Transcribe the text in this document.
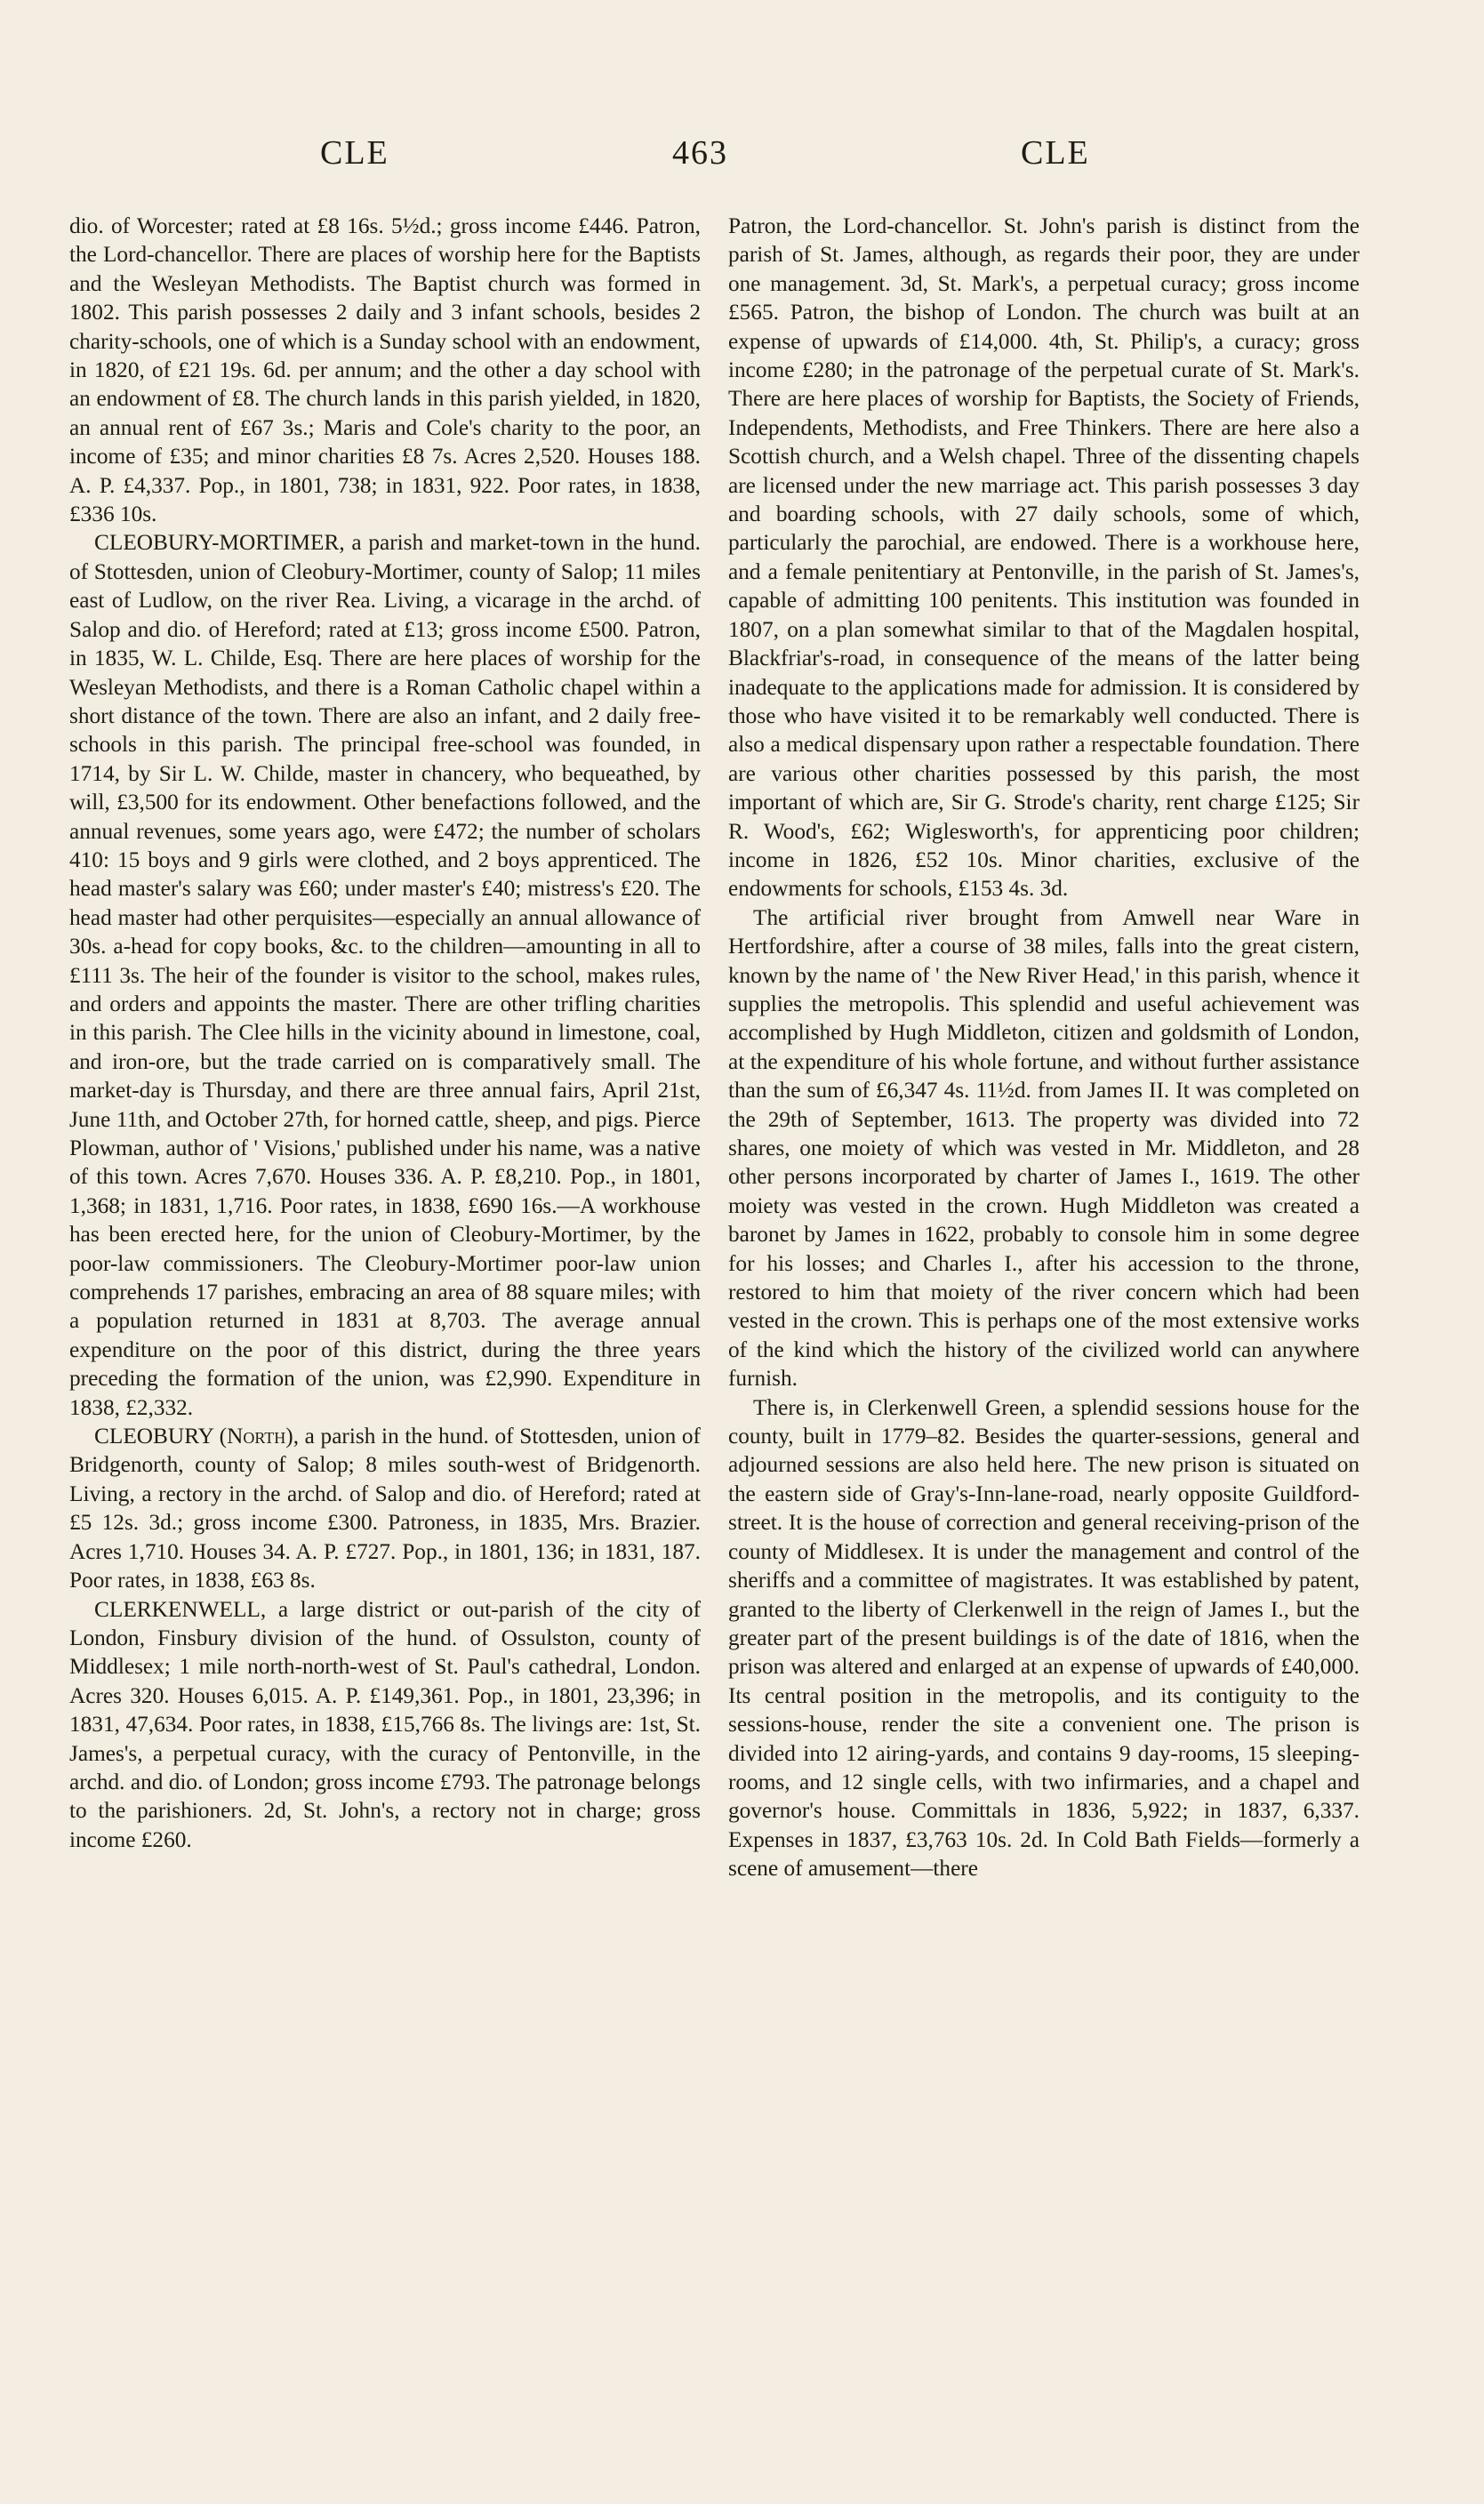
CLE	463	CLE

dio. of Worcester; rated at £8 16s. 5½d.; gross income £446. Patron, the Lord-chancellor. There are places of worship here for the Baptists and the Wesleyan Methodists. The Baptist church was formed in 1802. This parish possesses 2 daily and 3 infant schools, besides 2 charity-schools, one of which is a Sunday school with an endowment, in 1820, of £21 19s. 6d. per annum; and the other a day school with an endowment of £8. The church lands in this parish yielded, in 1820, an annual rent of £67 3s.; Maris and Cole's charity to the poor, an income of £35; and minor charities £8 7s. Acres 2,520. Houses 188. A. P. £4,337. Pop., in 1801, 738; in 1831, 922. Poor rates, in 1838, £336 10s.

CLEOBURY-MORTIMER, a parish and market-town in the hund. of Stottesden, union of Cleobury-Mortimer, county of Salop; 11 miles east of Ludlow, on the river Rea. Living, a vicarage in the archd. of Salop and dio. of Hereford; rated at £13; gross income £500. Patron, in 1835, W. L. Childe, Esq. There are here places of worship for the Wesleyan Methodists, and there is a Roman Catholic chapel within a short distance of the town. There are also an infant, and 2 daily free-schools in this parish. The principal free-school was founded, in 1714, by Sir L. W. Childe, master in chancery, who bequeathed, by will, £3,500 for its endowment. Other benefactions followed, and the annual revenues, some years ago, were £472; the number of scholars 410: 15 boys and 9 girls were clothed, and 2 boys apprenticed. The head master's salary was £60; under master's £40; mistress's £20. The head master had other perquisites—especially an annual allowance of 30s. a-head for copy books, &c. to the children—amounting in all to £111 3s. The heir of the founder is visitor to the school, makes rules, and orders and appoints the master. There are other trifling charities in this parish. The Clee hills in the vicinity abound in limestone, coal, and iron-ore, but the trade carried on is comparatively small. The market-day is Thursday, and there are three annual fairs, April 21st, June 11th, and October 27th, for horned cattle, sheep, and pigs. Pierce Plowman, author of ' Visions,' published under his name, was a native of this town. Acres 7,670. Houses 336. A. P. £8,210. Pop., in 1801, 1,368; in 1831, 1,716. Poor rates, in 1838, £690 16s.—A workhouse has been erected here, for the union of Cleobury-Mortimer, by the poor-law commissioners. The Cleobury-Mortimer poor-law union comprehends 17 parishes, embracing an area of 88 square miles; with a population returned in 1831 at 8,703. The average annual expenditure on the poor of this district, during the three years preceding the formation of the union, was £2,990. Expenditure in 1838, £2,332.

CLEOBURY (North), a parish in the hund. of Stottesden, union of Bridgenorth, county of Salop; 8 miles south-west of Bridgenorth. Living, a rectory in the archd. of Salop and dio. of Hereford; rated at £5 12s. 3d.; gross income £300. Patroness, in 1835, Mrs. Brazier. Acres 1,710. Houses 34. A. P. £727. Pop., in 1801, 136; in 1831, 187. Poor rates, in 1838, £63 8s.

CLERKENWELL, a large district or out-parish of the city of London, Finsbury division of the hund. of Ossulston, county of Middlesex; 1 mile north-north-west of St. Paul's cathedral, London. Acres 320. Houses 6,015. A. P. £149,361. Pop., in 1801, 23,396; in 1831, 47,634. Poor rates, in 1838, £15,766 8s. The livings are: 1st, St. James's, a perpetual curacy, with the curacy of Pentonville, in the archd. and dio. of London; gross income £793. The patronage belongs to the parishioners. 2d, St. John's, a rectory not in charge; gross income £260.

Patron, the Lord-chancellor. St. John's parish is distinct from the parish of St. James, although, as regards their poor, they are under one management. 3d, St. Mark's, a perpetual curacy; gross income £565. Patron, the bishop of London. The church was built at an expense of upwards of £14,000. 4th, St. Philip's, a curacy; gross income £280; in the patronage of the perpetual curate of St. Mark's. There are here places of worship for Baptists, the Society of Friends, Independents, Methodists, and Free Thinkers. There are here also a Scottish church, and a Welsh chapel. Three of the dissenting chapels are licensed under the new marriage act. This parish possesses 3 day and boarding schools, with 27 daily schools, some of which, particularly the parochial, are endowed. There is a workhouse here, and a female penitentiary at Pentonville, in the parish of St. James's, capable of admitting 100 penitents. This institution was founded in 1807, on a plan somewhat similar to that of the Magdalen hospital, Blackfriar's-road, in consequence of the means of the latter being inadequate to the applications made for admission. It is considered by those who have visited it to be remarkably well conducted. There is also a medical dispensary upon rather a respectable foundation. There are various other charities possessed by this parish, the most important of which are, Sir G. Strode's charity, rent charge £125; Sir R. Wood's, £62; Wiglesworth's, for apprenticing poor children; income in 1826, £52 10s. Minor charities, exclusive of the endowments for schools, £153 4s. 3d.

The artificial river brought from Amwell near Ware in Hertfordshire, after a course of 38 miles, falls into the great cistern, known by the name of ' the New River Head,' in this parish, whence it supplies the metropolis. This splendid and useful achievement was accomplished by Hugh Middleton, citizen and goldsmith of London, at the expenditure of his whole fortune, and without further assistance than the sum of £6,347 4s. 11½d. from James II. It was completed on the 29th of September, 1613. The property was divided into 72 shares, one moiety of which was vested in Mr. Middleton, and 28 other persons incorporated by charter of James I., 1619. The other moiety was vested in the crown. Hugh Middleton was created a baronet by James in 1622, probably to console him in some degree for his losses; and Charles I., after his accession to the throne, restored to him that moiety of the river concern which had been vested in the crown. This is perhaps one of the most extensive works of the kind which the history of the civilized world can anywhere furnish.

There is, in Clerkenwell Green, a splendid sessions house for the county, built in 1779–82. Besides the quarter-sessions, general and adjourned sessions are also held here. The new prison is situated on the eastern side of Gray's-Inn-lane-road, nearly opposite Guildford-street. It is the house of correction and general receiving-prison of the county of Middlesex. It is under the management and control of the sheriffs and a committee of magistrates. It was established by patent, granted to the liberty of Clerkenwell in the reign of James I., but the greater part of the present buildings is of the date of 1816, when the prison was altered and enlarged at an expense of upwards of £40,000. Its central position in the metropolis, and its contiguity to the sessions-house, render the site a convenient one. The prison is divided into 12 airing-yards, and contains 9 day-rooms, 15 sleeping-rooms, and 12 single cells, with two infirmaries, and a chapel and governor's house. Committals in 1836, 5,922; in 1837, 6,337. Expenses in 1837, £3,763 10s. 2d. In Cold Bath Fields—formerly a scene of amusement—there
